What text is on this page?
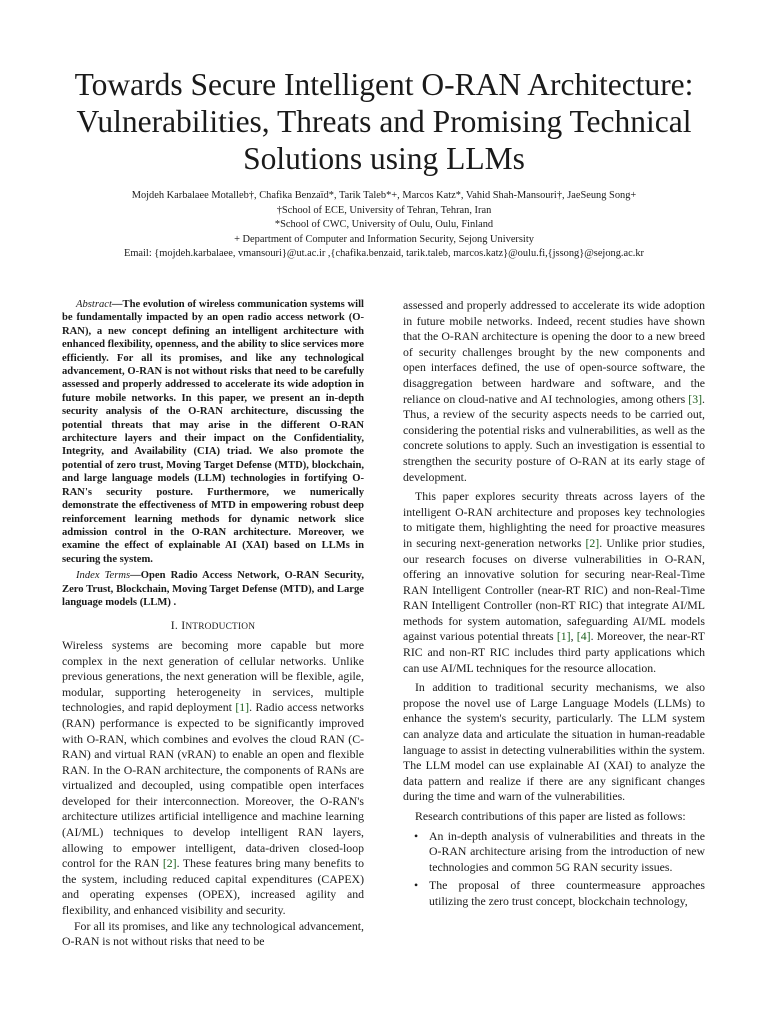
Towards Secure Intelligent O-RAN Architecture:
Vulnerabilities, Threats and Promising Technical
Solutions using LLMs
Mojdeh Karbalaee Motalleb†, Chafika Benzaïd*, Tarik Taleb*+, Marcos Katz*, Vahid Shah-Mansouri†, JaeSeung Song+
†School of ECE, University of Tehran, Tehran, Iran
*School of CWC, University of Oulu, Oulu, Finland
+ Department of Computer and Information Security, Sejong University
Email: {mojdeh.karbalaee, vmansouri}@ut.ac.ir ,{chafika.benzaid, tarik.taleb, marcos.katz}@oulu.fi,{jssong}@sejong.ac.kr

Abstract—The evolution of wireless communication systems will be fundamentally impacted by an open radio access network (O-RAN), a new concept defining an intelligent architecture with enhanced flexibility, openness, and the ability to slice services more efficiently. For all its promises, and like any technological advancement, O-RAN is not without risks that need to be carefully assessed and properly addressed to accelerate its wide adoption in future mobile networks. In this paper, we present an in-depth security analysis of the O-RAN architecture, discussing the potential threats that may arise in the different O-RAN architecture layers and their impact on the Confidentiality, Integrity, and Availability (CIA) triad. We also promote the potential of zero trust, Moving Target Defense (MTD), blockchain, and large language models (LLM) technologies in fortifying O-RAN's security posture. Furthermore, we numerically demonstrate the effectiveness of MTD in empowering robust deep reinforcement learning methods for dynamic network slice admission control in the O-RAN architecture. Moreover, we examine the effect of explainable AI (XAI) based on LLMs in securing the system.

Index Terms—Open Radio Access Network, O-RAN Security, Zero Trust, Blockchain, Moving Target Defense (MTD), and Large language models (LLM) .

I. INTRODUCTION

Wireless systems are becoming more capable but more complex in the next generation of cellular networks. Unlike previous generations, the next generation will be flexible, agile, modular, supporting heterogeneity in services, multiple technologies, and rapid deployment [1]. Radio access networks (RAN) performance is expected to be significantly improved with O-RAN, which combines and evolves the cloud RAN (C-RAN) and virtual RAN (vRAN) to enable an open and flexible RAN. In the O-RAN architecture, the components of RANs are virtualized and decoupled, using compatible open interfaces developed for their interconnection. Moreover, the O-RAN's architecture utilizes artificial intelligence and machine learning (AI/ML) techniques to develop intelligent RAN layers, allowing to empower intelligent, data-driven closed-loop control for the RAN [2]. These features bring many benefits to the system, including reduced capital expenditures (CAPEX) and operating expenses (OPEX), increased agility and flexibility, and enhanced visibility and security.

For all its promises, and like any technological advancement, O-RAN is not without risks that need to be

assessed and properly addressed to accelerate its wide adoption in future mobile networks. Indeed, recent studies have shown that the O-RAN architecture is opening the door to a new breed of security challenges brought by the new components and open interfaces defined, the use of open-source software, the disaggregation between hardware and software, and the reliance on cloud-native and AI technologies, among others [3]. Thus, a review of the security aspects needs to be carried out, considering the potential risks and vulnerabilities, as well as the concrete solutions to apply. Such an investigation is essential to strengthen the security posture of O-RAN at its early stage of development.

This paper explores security threats across layers of the intelligent O-RAN architecture and proposes key technologies to mitigate them, highlighting the need for proactive measures in securing next-generation networks [2]. Unlike prior studies, our research focuses on diverse vulnerabilities in O-RAN, offering an innovative solution for securing near-Real-Time RAN Intelligent Controller (near-RT RIC) and non-Real-Time RAN Intelligent Controller (non-RT RIC) that integrate AI/ML methods for system automation, safeguarding AI/ML models against various potential threats [1], [4]. Moreover, the near-RT RIC and non-RT RIC includes third party applications which can use AI/ML techniques for the resource allocation.

In addition to traditional security mechanisms, we also propose the novel use of Large Language Models (LLMs) to enhance the system's security, particularly. The LLM system can analyze data and articulate the situation in human-readable language to assist in detecting vulnerabilities within the system. The LLM model can use explainable AI (XAI) to analyze the data pattern and realize if there are any significant changes during the time and warn of the vulnerabilities.

Research contributions of this paper are listed as follows:

• An in-depth analysis of vulnerabilities and threats in the O-RAN architecture arising from the introduction of new technologies and common 5G RAN security issues.
• The proposal of three countermeasure approaches utilizing the zero trust concept, blockchain technology,
